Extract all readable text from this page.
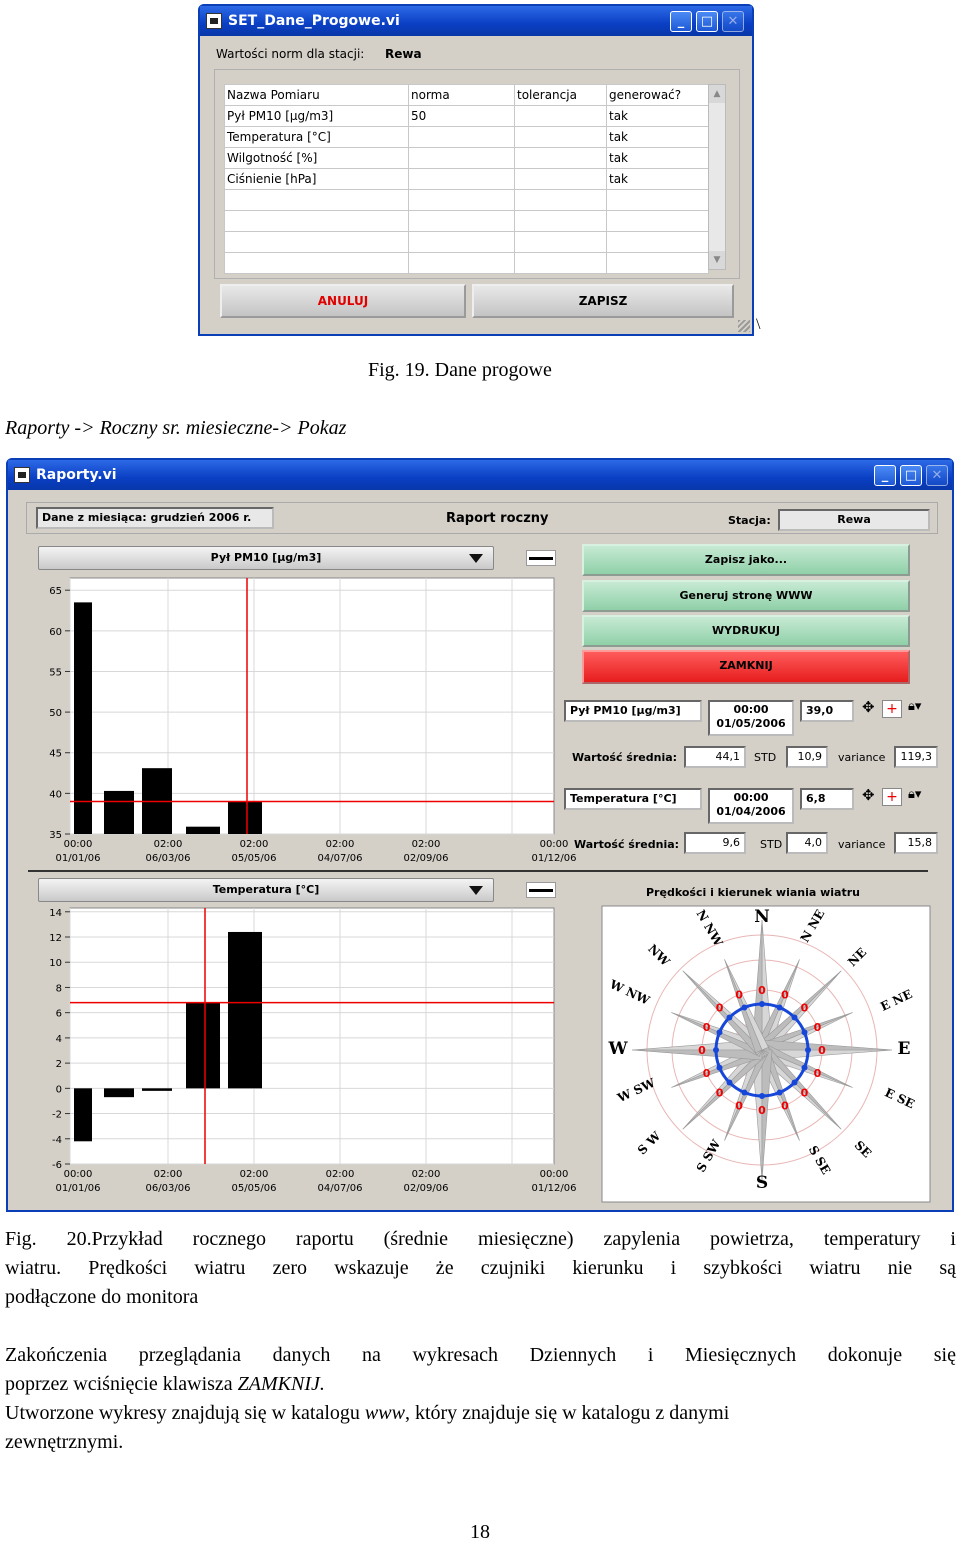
SET_Dane_Progowe.vi	_	□	✕
Wartości norm dla stacji: Rewa
Nazwa Pomiaru	norma	tolerancja	generować?
Pył PM10 [μg/m3]	50		tak
Temperatura [°C]			tak
Wilgotność [%]			tak
Ciśnienie [hPa]			tak

▲
▼
ANULUJ	ZAPISZ
\
Fig. 19. Dane progowe
Raporty -> Roczny sr. miesieczne-> Pokaz
Raporty.vi	_	□	✕
Dane z miesiąca: grudzień 2006 r.	Raport roczny	Stacja:	Rewa
Pył PM10 [μg/m3]
35
40
45
50
55
60
65
00:00
01/01/06
02:00
06/03/06
02:00
05/05/06
02:00
04/07/06
02:00
02/09/06
00:00
01/12/06
Temperatura [°C]
-6
-4
-2
0
2
4
6
8
10
12
14
00:00
01/01/06
02:00
06/03/06
02:00
05/05/06
02:00
04/07/06
02:00
02/09/06
00:00
01/12/06
Zapisz jako...
Generuj stronę WWW
WYDRUKUJ
ZAMKNIJ
Pył PM10 [μg/m3]	00:00
01/05/2006
39,0	✥ + 🔒︎▾
Wartość średnia:	44,1	STD	10,9	variance	119,3
Temperatura [°C]	00:00
01/04/2006
6,8	✥ + 🔒︎▾
Wartość średnia:	9,6	STD	4,0	variance	15,8
Prędkości i kierunek wiania wiatru
0 0
0
0
0
0
0
0
0
0
0
0
0
0
0
0
N N NE
NE
E NE
E
E SE
SE
S SE
S
S SW
S W
W SW
W
W NW
NW
N NW
Fig. 20.Przykład rocznego raportu (średnie miesięczne) zapylenia powietrza, temperatury i
wiatru. Prędkości wiatru zero wskazuje że czujniki kierunku i szybkości wiatru nie są
podłączone do monitora
Zakończenia przeglądania danych na wykresach Dziennych i Miesięcznych dokonuje się
poprzez wciśnięcie klawisza ZAMKNIJ.
Utworzone wykresy znajdują się w katalogu www, który znajduje się w katalogu z danymi
zewnętrznymi.
18
